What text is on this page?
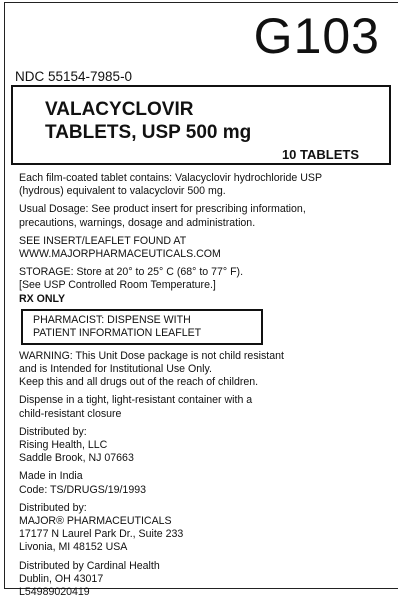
G103
NDC 55154-7985-0
VALACYCLOVIR
TABLETS, USP 500 mg
10 TABLETS

Each film-coated tablet contains: Valacyclovir hydrochloride USP
(hydrous) equivalent to valacyclovir 500 mg.

Usual Dosage: See product insert for prescribing information,
precautions, warnings, dosage and administration.

SEE INSERT/LEAFLET FOUND AT
WWW.MAJORPHARMACEUTICALS.COM

STORAGE: Store at 20° to 25° C (68° to 77° F).
[See USP Controlled Room Temperature.]
RX ONLY

PHARMACIST: DISPENSE WITH
PATIENT INFORMATION LEAFLET

WARNING: This Unit Dose package is not child resistant
and is Intended for Institutional Use Only.
Keep this and all drugs out of the reach of children.

Dispense in a tight, light-resistant container with a
child-resistant closure

Distributed by:
Rising Health, LLC
Saddle Brook, NJ 07663

Made in India
Code: TS/DRUGS/19/1993

Distributed by:
MAJOR® PHARMACEUTICALS
17177 N Laurel Park Dr., Suite 233
Livonia, MI 48152 USA

Distributed by Cardinal Health
Dublin, OH 43017
L54989020419
